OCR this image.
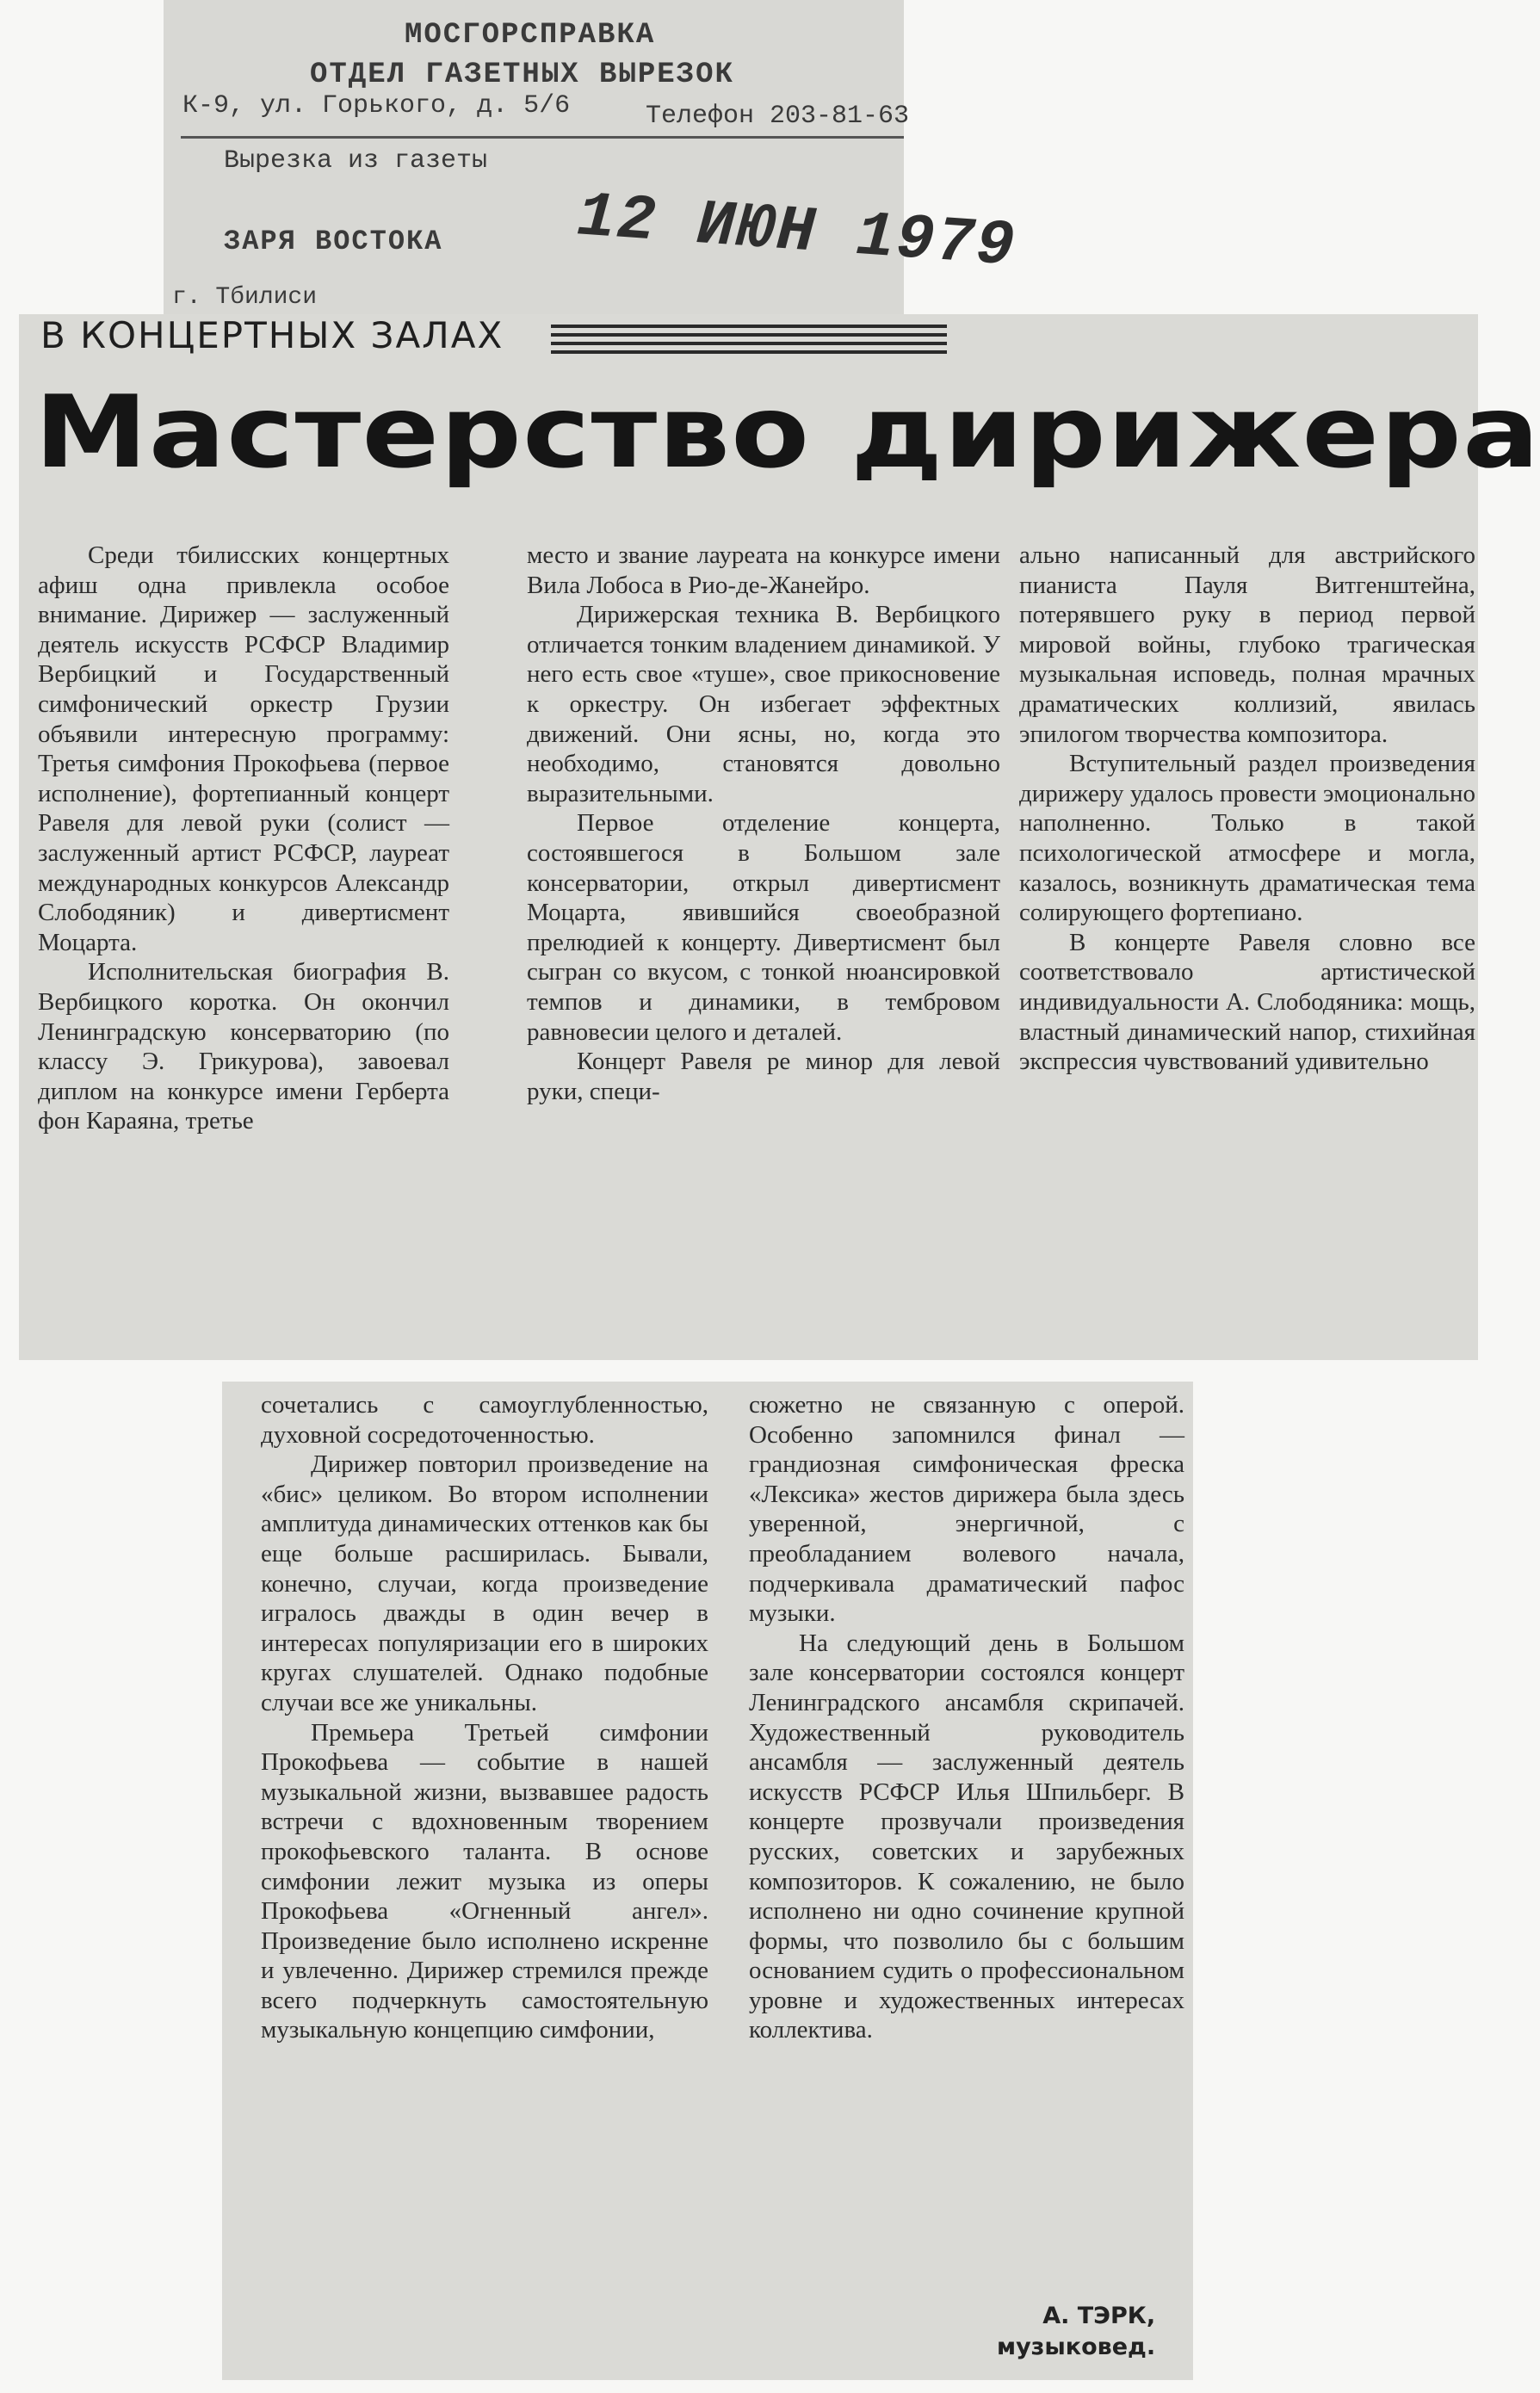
МОСГОРСПРАВКА
ОТДЕЛ ГАЗЕТНЫХ ВЫРЕЗОК
К-9, ул. Горького, д. 5/6	Телефон 203-81-63
Вырезка из газеты
ЗАРЯ ВОСТОКА 12 ИЮН 1979
г. Тбилиси
В КОНЦЕРТНЫХ ЗАЛАХ
Мастерство дирижера

Среди тбилисских концертных афиш одна привлекла особое внимание. Дирижер — заслуженный деятель искусств РСФСР Владимир Вербицкий и Государственный симфонический оркестр Грузии объявили интересную программу: Третья симфония Прокофьева (первое исполнение), фортепианный концерт Равеля для левой руки (солист — заслуженный артист РСФСР, лауреат международных конкурсов Александр Слободяник) и дивертисмент Моцарта.

Исполнительская биография В. Вербицкого коротка. Он окончил Ленинградскую консерваторию (по классу Э. Грикурова), завоевал диплом на конкурсе имени Герберта фон Караяна, третье

место и звание лауреата на конкурсе имени Вила Лобоса в Рио-де-Жанейро.

Дирижерская техника В. Вербицкого отличается тонким владением динамикой. У него есть свое «туше», свое прикосновение к оркестру. Он избегает эффектных движений. Они ясны, но, когда это необходимо, становятся довольно выразительными.

Первое отделение концерта, состоявшегося в Большом зале консерватории, открыл дивертисмент Моцарта, явившийся своеобразной прелюдией к концерту. Дивертисмент был сыгран со вкусом, с тонкой нюансировкой темпов и динамики, в тембровом равновесии целого и деталей.

Концерт Равеля ре минор для левой руки, специ-

ально написанный для австрийского пианиста Пауля Витгенштейна, потерявшего руку в период первой мировой войны, глубоко трагическая музыкальная исповедь, полная мрачных драматических коллизий, явилась эпилогом творчества композитора.

Вступительный раздел произведения дирижеру удалось провести эмоционально наполненно. Только в такой психологической атмосфере и могла, казалось, возникнуть драматическая тема солирующего фортепиано.

В концерте Равеля словно все соответствовало артистической индивидуальности А. Слободяника: мощь, властный динамический напор, стихийная экспрессия чувствований удивительно

сочетались с самоуглубленностью, духовной сосредоточенностью.

Дирижер повторил произведение на «бис» целиком. Во втором исполнении амплитуда динамических оттенков как бы еще больше расширилась. Бывали, конечно, случаи, когда произведение игралось дважды в один вечер в интересах популяризации его в широких кругах слушателей. Однако подобные случаи все же уникальны.

Премьера Третьей симфонии Прокофьева — событие в нашей музыкальной жизни, вызвавшее радость встречи с вдохновенным творением прокофьевского таланта. В основе симфонии лежит музыка из оперы Прокофьева «Огненный ангел». Произведение было исполнено искренне и увлеченно. Дирижер стремился прежде всего подчеркнуть самостоятельную музыкальную концепцию симфонии,

сюжетно не связанную с оперой. Особенно запомнился финал — грандиозная симфоническая фреска «Лексика» жестов дирижера была здесь уверенной, энергичной, с преобладанием волевого начала, подчеркивала драматический пафос музыки.

На следующий день в Большом зале консерватории состоялся концерт Ленинградского ансамбля скрипачей. Художественный руководитель ансамбля — заслуженный деятель искусств РСФСР Илья Шпильберг. В концерте прозвучали произведения русских, советских и зарубежных композиторов. К сожалению, не было исполнено ни одно сочинение крупной формы, что позволило бы с большим основанием судить о профессиональном уровне и художественных интересах коллектива.

А. ТЭРК,
музыковед.
